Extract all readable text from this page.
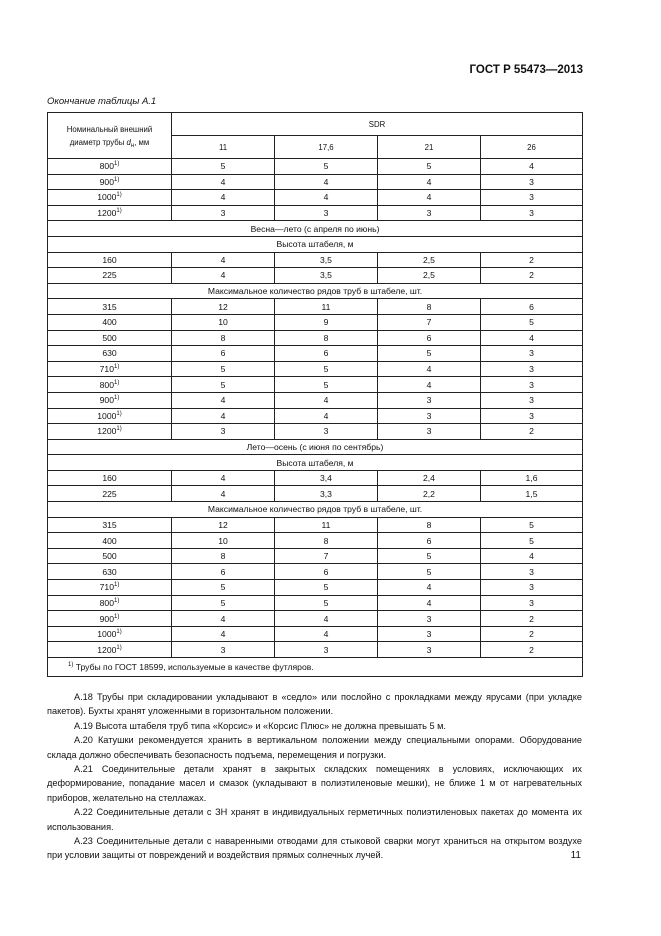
ГОСТ Р 55473—2013
Окончание таблицы А.1
Номинальный внешний
диаметр трубы $d_н$, мм	SDR			
	11	17,6	21	26
800$^{1)}$	5	5	5	4
900$^{1)}$	4	4	4	3
1000$^{1)}$	4	4	4	3
1200$^{1)}$	3	3	3	3
Весна—лето (с апреля по июнь)				
Высота штабеля, м				
160	4	3,5	2,5	2
225	4	3,5	2,5	2
Максимальное количество рядов труб в штабеле, шт.				
315	12	11	8	6
400	10	9	7	5
500	8	8	6	4
630	6	6	5	3
710$^{1)}$	5	5	4	3
800$^{1)}$	5	5	4	3
900$^{1)}$	4	4	3	3
1000$^{1)}$	4	4	3	3
1200$^{1)}$	3	3	3	2
Лето—осень (с июня по сентябрь)				
Высота штабеля, м				
160	4	3,4	2,4	1,6
225	4	3,3	2,2	1,5
Максимальное количество рядов труб в штабеле, шт.				
315	12	11	8	5
400	10	8	6	5
500	8	7	5	4
630	6	6	5	3
710$^{1)}$	5	5	4	3
800$^{1)}$	5	5	4	3
900$^{1)}$	4	4	3	2
1000$^{1)}$	4	4	3	2
1200$^{1)}$	3	3	3	2
$^{1)}$ Трубы по ГОСТ 18599, используемые в качестве футляров.				

А.18 Трубы при складировании укладывают в «седло» или послойно с прокладками между ярусами (при укладке пакетов). Бухты хранят уложенными в горизонтальном положении.

А.19 Высота штабеля труб типа «Корсис» и «Корсис Плюс» не должна превышать 5 м.

А.20 Катушки рекомендуется хранить в вертикальном положении между специальными опорами. Оборудование склада должно обеспечивать безопасность подъема, перемещения и погрузки.

А.21 Соединительные детали хранят в закрытых складских помещениях в условиях, исключающих их деформирование, попадание масел и смазок (укладывают в полиэтиленовые мешки), не ближе 1 м от нагревательных приборов, желательно на стеллажах.

А.22 Соединительные детали с ЗН хранят в индивидуальных герметичных полиэтиленовых пакетах до момента их использования.

А.23 Соединительные детали с наваренными отводами для стыковой сварки могут храниться на открытом воздухе при условии защиты от повреждений и воздействия прямых солнечных лучей.	11
